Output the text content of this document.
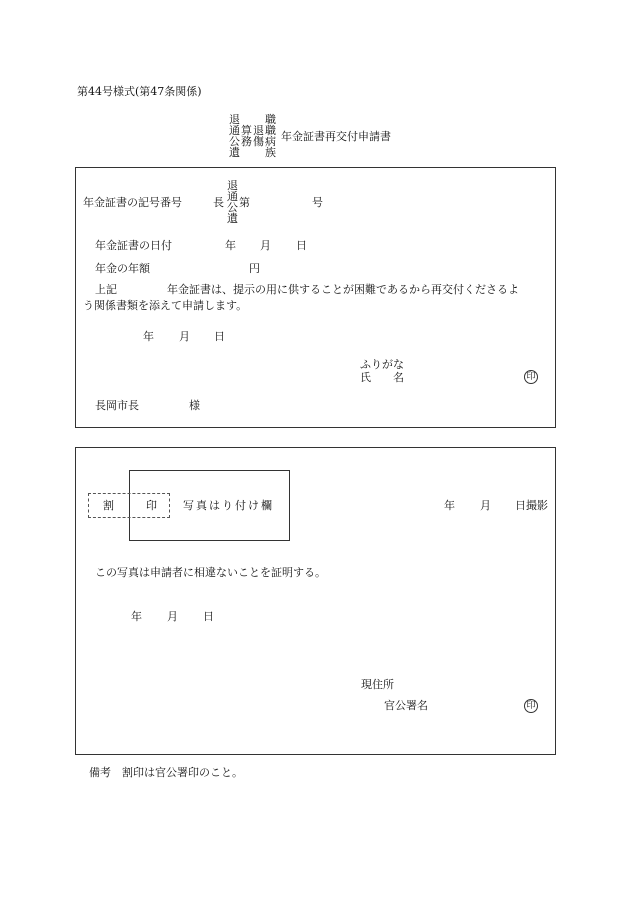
第44号様式(第47条関係)
退
通
公
遺
算
務
退
傷
職
職
病
族
年金証書再交付申請書
年金証書の記号番号	長
退
通
公
遺
第	号
年金証書の日付	年 月 日
年金の年額	円
上記	年金証書は、提示の用に供することが困難であるから再交付くださるよ
う関係書類を添えて申請します。
年 月 日
ふりがな
氏　　名	印
長岡市長	様
割	印 写真はり付け欄	年 月 日撮影
この写真は申請者に相違ないことを証明する。
年 月 日
現住所
官公署名	印
備考　割印は官公署印のこと。
